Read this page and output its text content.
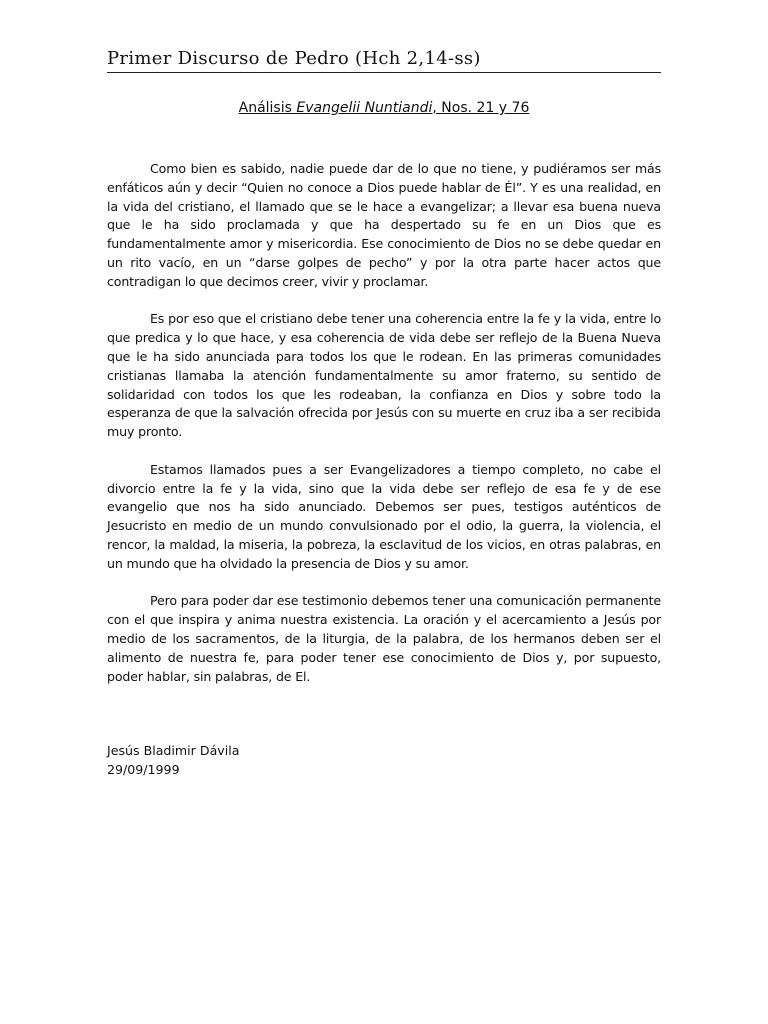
Primer Discurso de Pedro (Hch 2,14-ss)
Análisis Evangelii Nuntiandi, Nos. 21 y 76

Como bien es sabido, nadie puede dar de lo que no tiene, y pudiéramos ser más enfáticos aún y decir “Quien no conoce a Dios puede hablar de Él”. Y es una realidad, en la vida del cristiano, el llamado que se le hace a evangelizar; a llevar esa buena nueva que le ha sido proclamada y que ha despertado su fe en un Dios que es fundamentalmente amor y misericordia. Ese conocimiento de Dios no se debe quedar en un rito vacío, en un “darse golpes de pecho” y por la otra parte hacer actos que contradigan lo que decimos creer, vivir y proclamar.

Es por eso que el cristiano debe tener una coherencia entre la fe y la vida, entre lo que predica y lo que hace, y esa coherencia de vida debe ser reflejo de la Buena Nueva que le ha sido anunciada para todos los que le rodean. En las primeras comunidades cristianas llamaba la atención fundamentalmente su amor fraterno, su sentido de solidaridad con todos los que les rodeaban, la confianza en Dios y sobre todo la esperanza de que la salvación ofrecida por Jesús con su muerte en cruz iba a ser recibida muy pronto.

Estamos llamados pues a ser Evangelizadores a tiempo completo, no cabe el divorcio entre la fe y la vida, sino que la vida debe ser reflejo de esa fe y de ese evangelio que nos ha sido anunciado. Debemos ser pues, testigos auténticos de Jesucristo en medio de un mundo convulsionado por el odio, la guerra, la violencia, el rencor, la maldad, la miseria, la pobreza, la esclavitud de los vicios, en otras palabras, en un mundo que ha olvidado la presencia de Dios y su amor.

Pero para poder dar ese testimonio debemos tener una comunicación permanente con el que inspira y anima nuestra existencia. La oración y el acercamiento a Jesús por medio de los sacramentos, de la liturgia, de la palabra, de los hermanos deben ser el alimento de nuestra fe, para poder tener ese conocimiento de Dios y, por supuesto, poder hablar, sin palabras, de El.

Jesús Bladimir Dávila
29/09/1999
